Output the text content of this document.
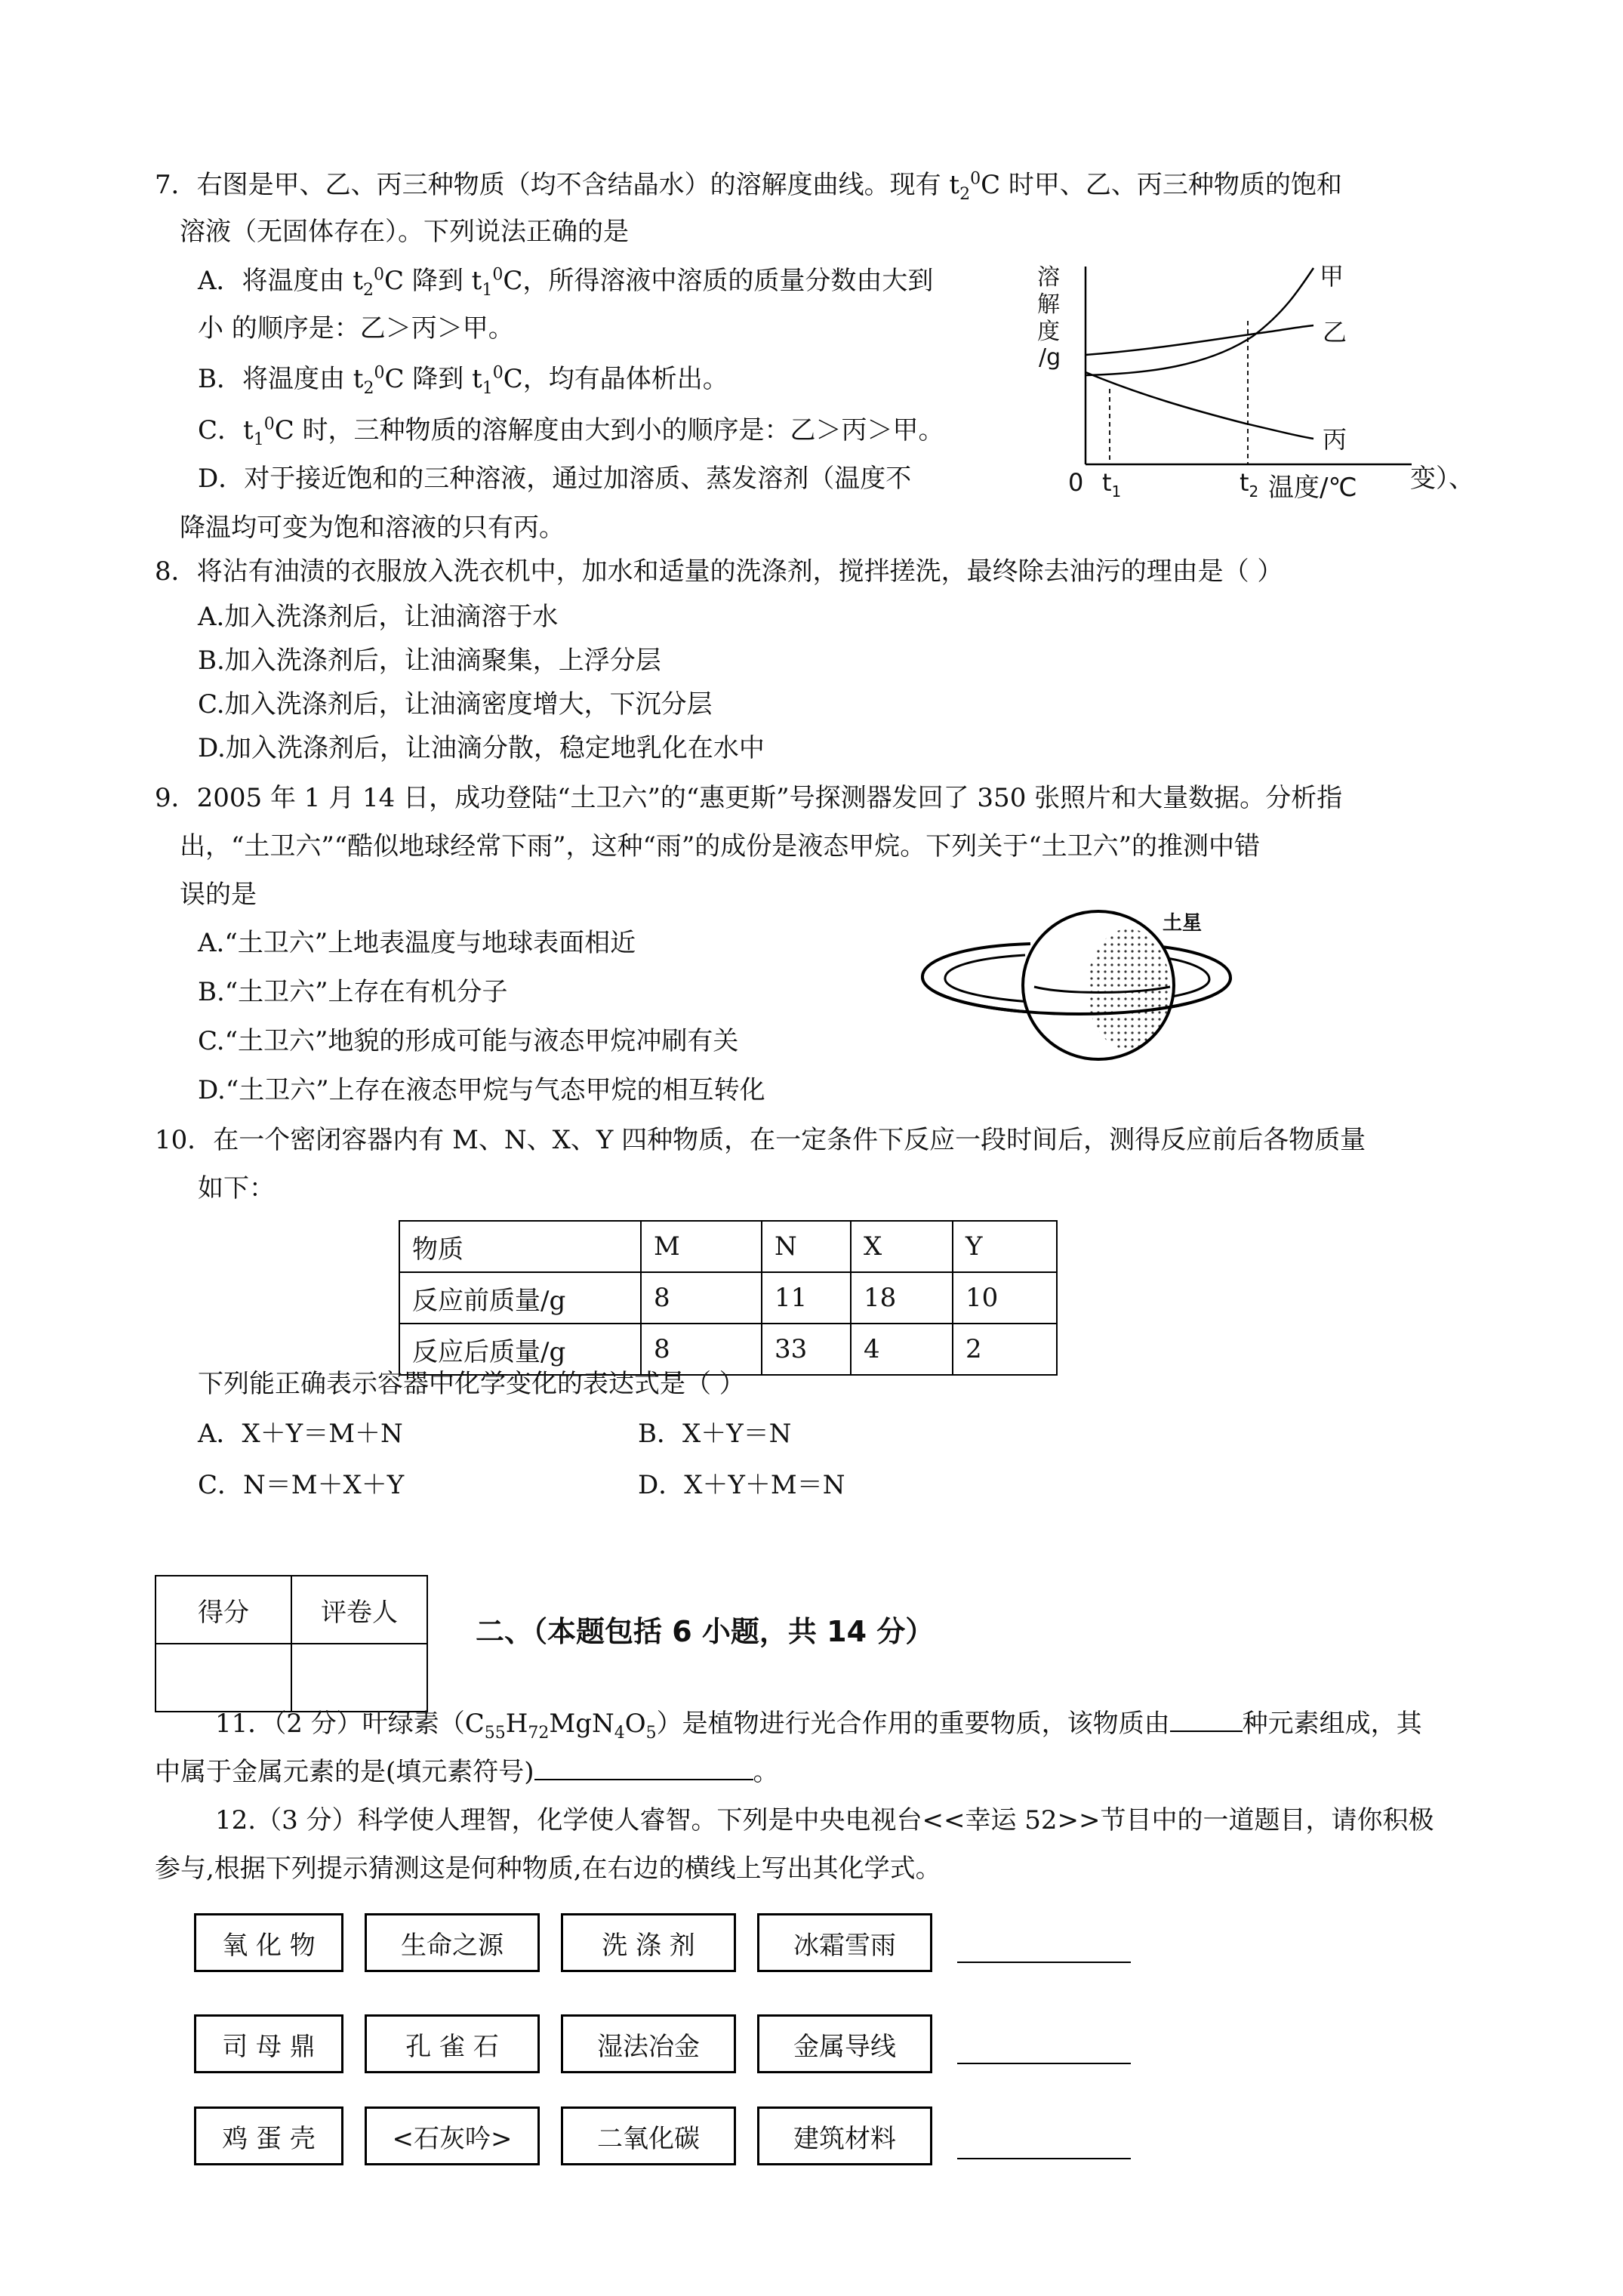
7．右图是甲、乙、丙三种物质（均不含结晶水）的溶解度曲线。现有 $t_2^0C$ 时甲、乙、丙三种物质的饱和
溶液（无固体存在）。下列说法正确的是
A．将温度由 $t_2^0C$ 降到 $t_1^0C$，所得溶液中溶质的质量分数由大到
小 的顺序是：乙＞丙＞甲。
B．将温度由 $t_2^0C$ 降到 $t_1^0C$，均有晶体析出。
C．$t_1^0C$ 时，三种物质的溶解度由大到小的顺序是：乙＞丙＞甲。
D．对于接近饱和的三种溶液，通过加溶质、蒸发溶剂（温度不	变）、
降温均可变为饱和溶液的只有丙。
溶
解
度
/g
甲
乙
丙
0 $t_1$	$t_2$ 温度/℃
8．将沾有油渍的衣服放入洗衣机中，加水和适量的洗涤剂，搅拌搓洗，最终除去油污的理由是（ ）
A.加入洗涤剂后，让油滴溶于水
B.加入洗涤剂后，让油滴聚集，上浮分层
C.加入洗涤剂后，让油滴密度增大，下沉分层
D.加入洗涤剂后，让油滴分散，稳定地乳化在水中
9．2005 年 1 月 14 日，成功登陆“土卫六”的“惠更斯”号探测器发回了 350 张照片和大量数据。分析指
出，“土卫六”“酷似地球经常下雨”，这种“雨”的成份是液态甲烷。下列关于“土卫六”的推测中错
误的是
A.“土卫六”上地表温度与地球表面相近
B.“土卫六”上存在有机分子
C.“土卫六”地貌的形成可能与液态甲烷冲刷有关
D.“土卫六”上存在液态甲烷与气态甲烷的相互转化
土星
10．在一个密闭容器内有 M、N、X、Y 四种物质，在一定条件下反应一段时间后，测得反应前后各物质量
如下：
物质	M	N	X	Y
反应前质量/g	8	11	18	10
反应后质量/g	8	33	4	2
下列能正确表示容器中化学变化的表达式是（ ）
A．X＋Y＝M＋N	B．X＋Y＝N
C．N＝M＋X＋Y	D．X＋Y＋M＝N
得分	评卷人

二、（本题包括 6 小题，共 14 分）
11．（2 分）叶绿素$(C_{55}H_{72}MgN_4O_5)$是植物进行光合作用的重要物质，该物质由	种元素组成，其
中属于金属元素的是(填元素符号)	。
12.（3 分）科学使人理智，化学使人睿智。下列是中央电视台<<幸运 52>>节目中的一道题目，请你积极
参与,根据下列提示猜测这是何种物质,在右边的横线上写出其化学式。
氧 化 物	生命之源	洗 涤 剂	冰霜雪雨
司 母 鼎	孔 雀 石	湿法冶金	金属导线
鸡 蛋 壳	<石灰吟>	二氧化碳	建筑材料
